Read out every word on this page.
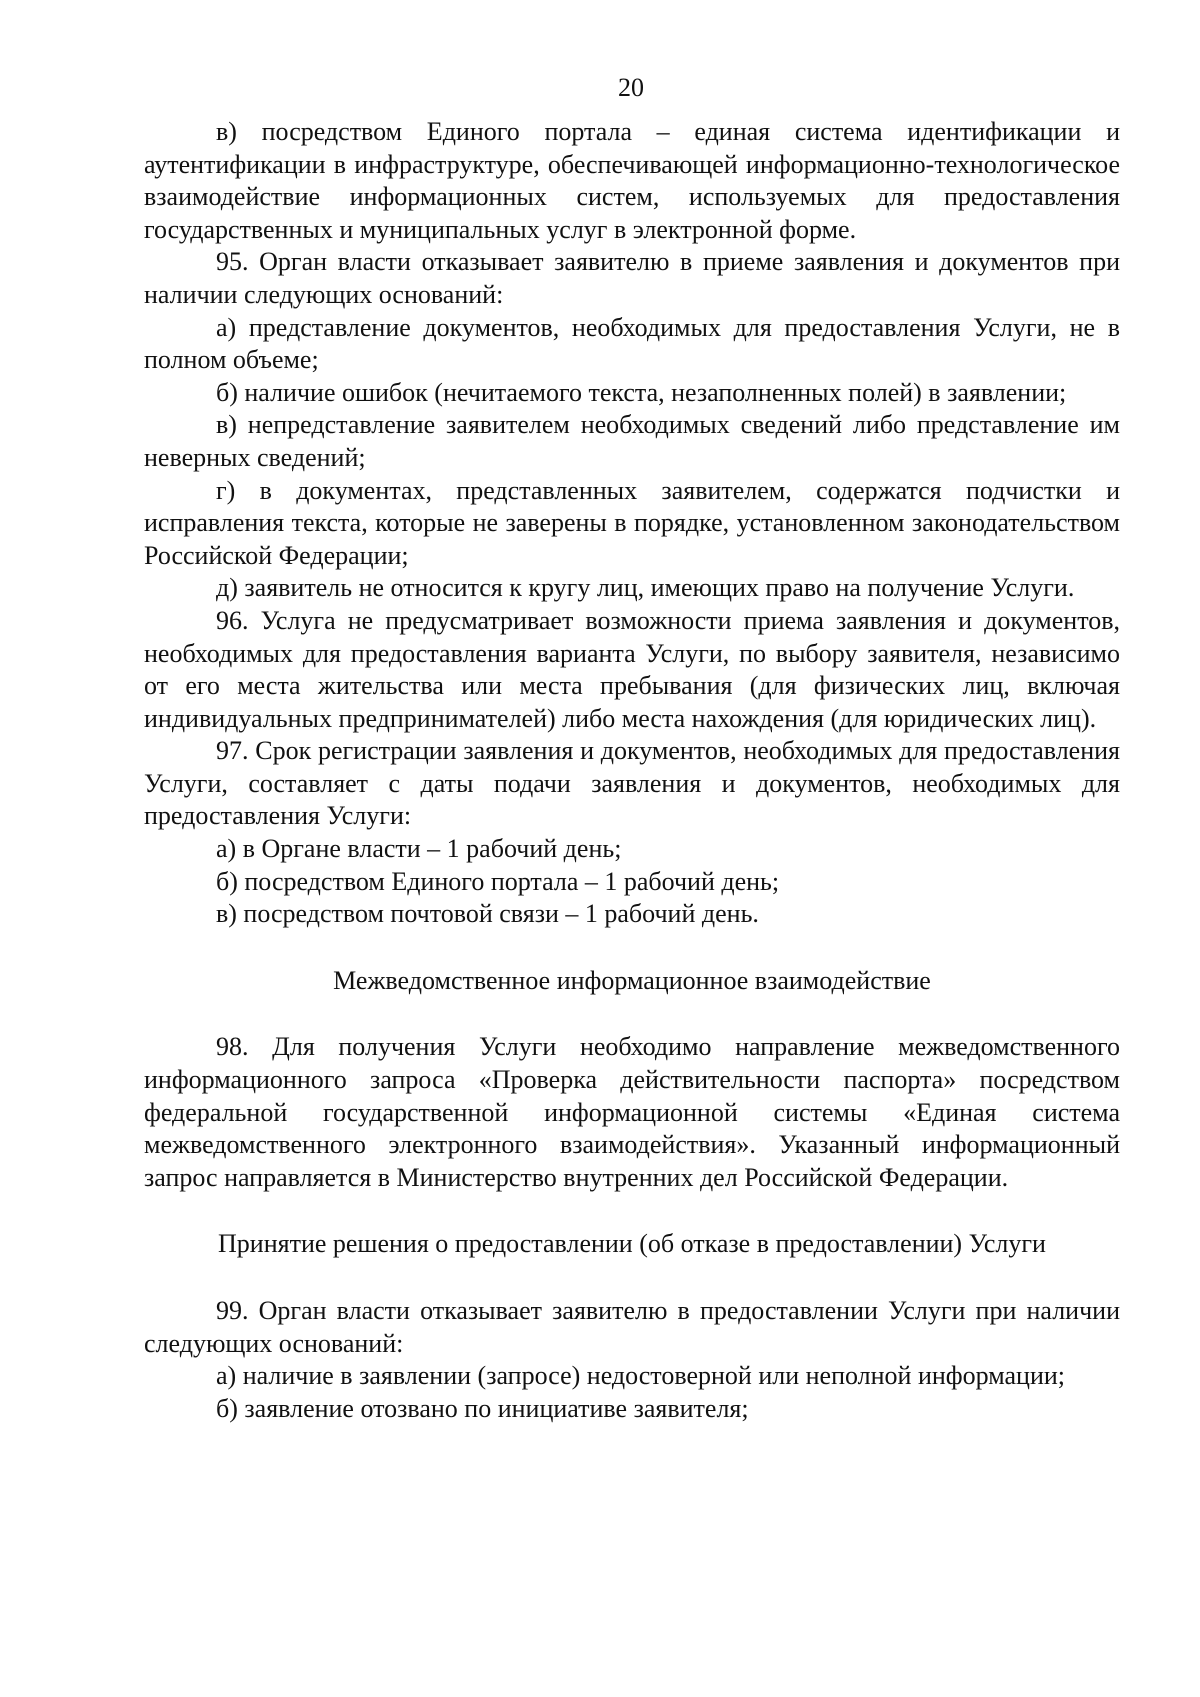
20

в) посредством Единого портала – единая система идентификации и аутентификации в инфраструктуре, обеспечивающей информационно-технологическое взаимодействие информационных систем, используемых для предоставления государственных и муниципальных услуг в электронной форме.

95. Орган власти отказывает заявителю в приеме заявления и документов при наличии следующих оснований:

а) представление документов, необходимых для предоставления Услуги, не в полном объеме;

б) наличие ошибок (нечитаемого текста, незаполненных полей) в заявлении;

в) непредставление заявителем необходимых сведений либо представление им неверных сведений;

г) в документах, представленных заявителем, содержатся подчистки и исправления текста, которые не заверены в порядке, установленном законодательством Российской Федерации;

д) заявитель не относится к кругу лиц, имеющих право на получение Услуги.

96. Услуга не предусматривает возможности приема заявления и документов, необходимых для предоставления варианта Услуги, по выбору заявителя, независимо от его места жительства или места пребывания (для физических лиц, включая индивидуальных предпринимателей) либо места нахождения (для юридических лиц).

97. Срок регистрации заявления и документов, необходимых для предоставления Услуги, составляет с даты подачи заявления и документов, необходимых для предоставления Услуги:

а) в Органе власти – 1 рабочий день;

б) посредством Единого портала – 1 рабочий день;

в) посредством почтовой связи – 1 рабочий день.

Межведомственное информационное взаимодействие

98. Для получения Услуги необходимо направление межведомственного информационного запроса «Проверка действительности паспорта» посредством федеральной государственной информационной системы «Единая система межведомственного электронного взаимодействия». Указанный информационный запрос направляется в Министерство внутренних дел Российской Федерации.

Принятие решения о предоставлении (об отказе в предоставлении) Услуги

99. Орган власти отказывает заявителю в предоставлении Услуги при наличии следующих оснований:

а) наличие в заявлении (запросе) недостоверной или неполной информации;

б) заявление отозвано по инициативе заявителя;
